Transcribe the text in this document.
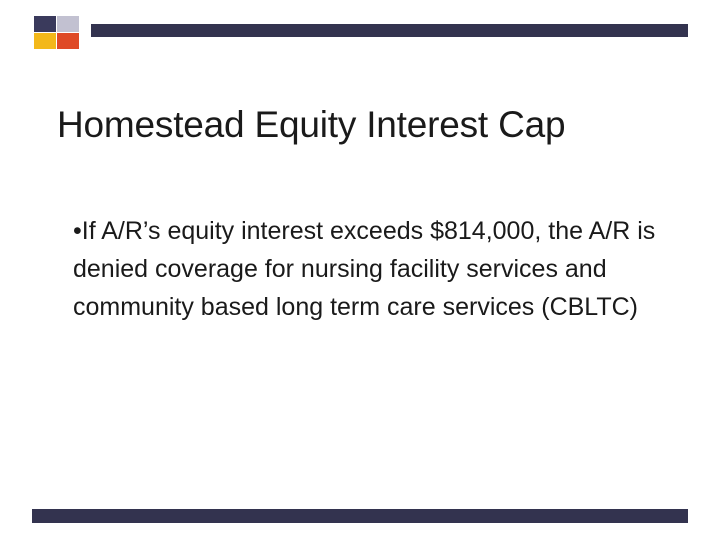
Homestead Equity Interest Cap
•If A/R’s equity interest exceeds $814,000, the A/R is denied coverage for nursing facility services and community based long term care services (CBLTC)
